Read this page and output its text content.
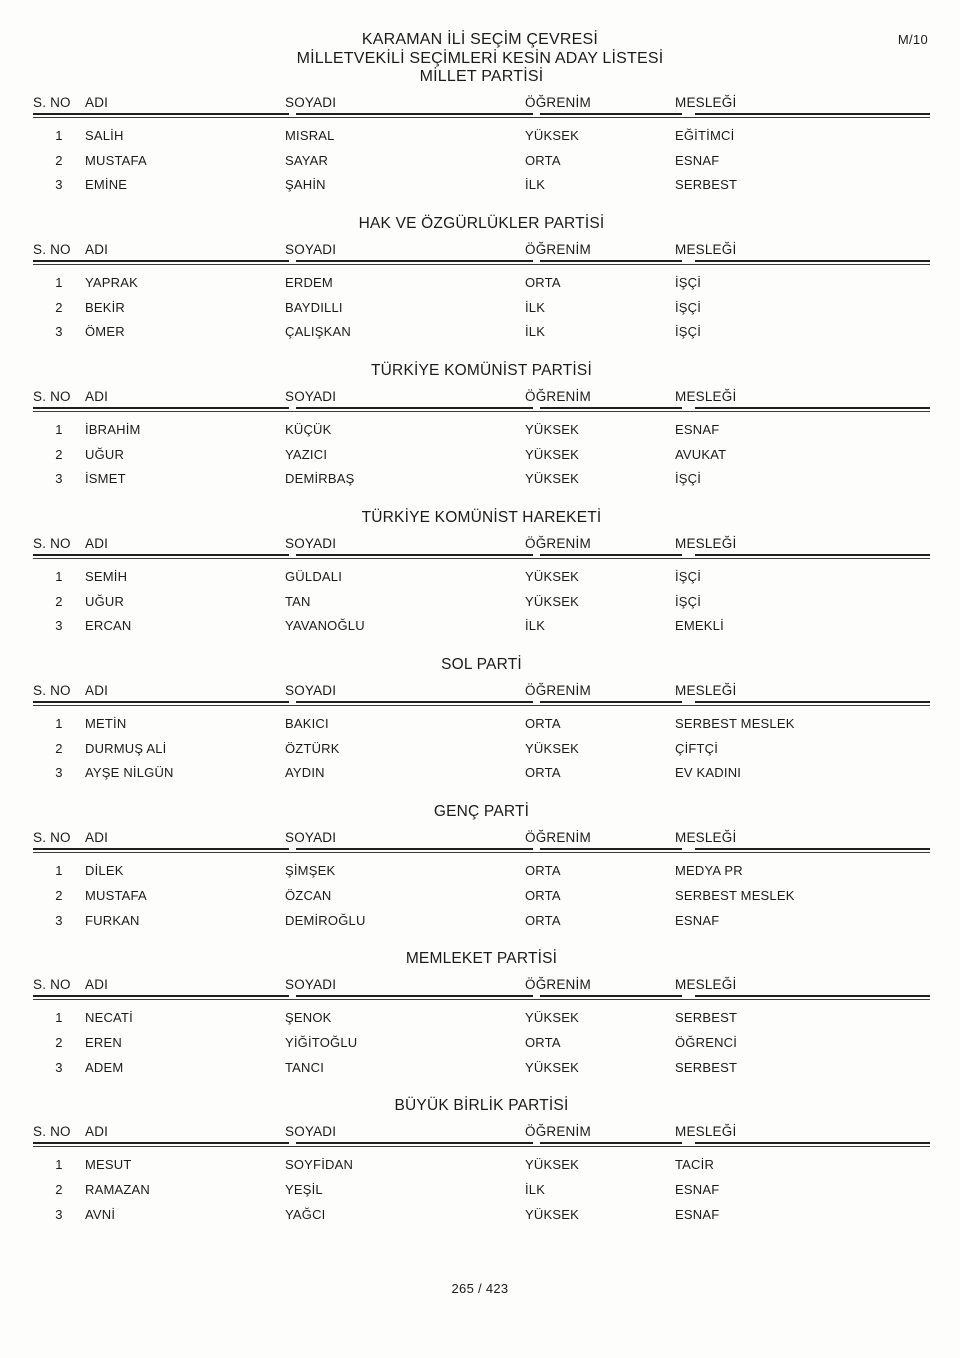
M/10
KARAMAN İLİ SEÇİM ÇEVRESİ
MİLLETVEKİLİ SEÇİMLERİ KESİN ADAY LİSTESİ
MİLLET PARTİSİ
S. NO	ADI	SOYADI	ÖĞRENİM	MESLEĞİ
1	SALİH	MISRAL	YÜKSEK	EĞİTİMCİ
2	MUSTAFA	SAYAR	ORTA	ESNAF
3	EMİNE	ŞAHİN	İLK	SERBEST
HAK VE ÖZGÜRLÜKLER PARTİSİ
S. NO	ADI	SOYADI	ÖĞRENİM	MESLEĞİ
1	YAPRAK	ERDEM	ORTA	İŞÇİ
2	BEKİR	BAYDILLI	İLK	İŞÇİ
3	ÖMER	ÇALIŞKAN	İLK	İŞÇİ
TÜRKİYE KOMÜNİST PARTİSİ
S. NO	ADI	SOYADI	ÖĞRENİM	MESLEĞİ
1	İBRAHİM	KÜÇÜK	YÜKSEK	ESNAF
2	UĞUR	YAZICI	YÜKSEK	AVUKAT
3	İSMET	DEMİRBAŞ	YÜKSEK	İŞÇİ
TÜRKİYE KOMÜNİST HAREKETİ
S. NO	ADI	SOYADI	ÖĞRENİM	MESLEĞİ
1	SEMİH	GÜLDALI	YÜKSEK	İŞÇİ
2	UĞUR	TAN	YÜKSEK	İŞÇİ
3	ERCAN	YAVANOĞLU	İLK	EMEKLİ
SOL PARTİ
S. NO	ADI	SOYADI	ÖĞRENİM	MESLEĞİ
1	METİN	BAKICI	ORTA	SERBEST MESLEK
2	DURMUŞ ALİ	ÖZTÜRK	YÜKSEK	ÇİFTÇİ
3	AYŞE NİLGÜN	AYDIN	ORTA	EV KADINI
GENÇ PARTİ
S. NO	ADI	SOYADI	ÖĞRENİM	MESLEĞİ
1	DİLEK	ŞİMŞEK	ORTA	MEDYA PR
2	MUSTAFA	ÖZCAN	ORTA	SERBEST MESLEK
3	FURKAN	DEMİROĞLU	ORTA	ESNAF
MEMLEKET PARTİSİ
S. NO	ADI	SOYADI	ÖĞRENİM	MESLEĞİ
1	NECATİ	ŞENOK	YÜKSEK	SERBEST
2	EREN	YİĞİTOĞLU	ORTA	ÖĞRENCİ
3	ADEM	TANCI	YÜKSEK	SERBEST
BÜYÜK BİRLİK PARTİSİ
S. NO	ADI	SOYADI	ÖĞRENİM	MESLEĞİ
1	MESUT	SOYFİDAN	YÜKSEK	TACİR
2	RAMAZAN	YEŞİL	İLK	ESNAF
3	AVNİ	YAĞCI	YÜKSEK	ESNAF
265 / 423
